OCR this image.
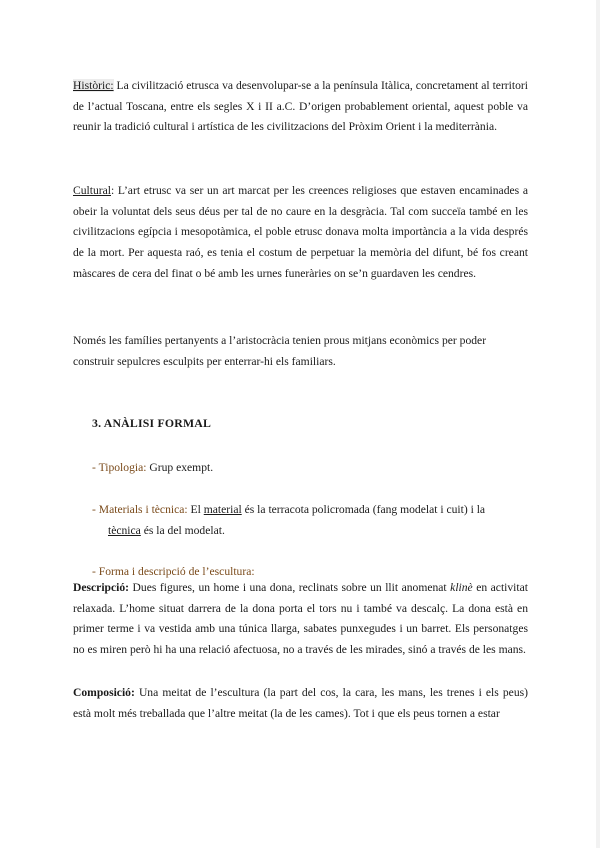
Històric: La civilització etrusca va desenvolupar-se a la península Itàlica, concretament al territori de l’actual Toscana, entre els segles X i II a.C. D’origen probablement oriental, aquest poble va reunir la tradició cultural i artística de les civilitzacions del Pròxim Orient i la mediterrània.

Cultural: L’art etrusc va ser un art marcat per les creences religioses que estaven encaminades a obeir la voluntat dels seus déus per tal de no caure en la desgràcia. Tal com succeïa també en les civilitzacions egípcia i mesopotàmica, el poble etrusc donava molta importància a la vida després de la mort. Per aquesta raó, es tenia el costum de perpetuar la memòria del difunt, bé fos creant màscares de cera del finat o bé amb les urnes funeràries on se’n guardaven les cendres.

Només les famílies pertanyents a l’aristocràcia tenien prous mitjans econòmics per poder construir sepulcres esculpits per enterrar-hi els familiars.

3. ANÀLISI FORMAL

- Tipologia: Grup exempt.

- Materials i tècnica: El material és la terracota policromada (fang modelat i cuit) i la
tècnica és la del modelat.

- Forma i descripció de l’escultura:

Descripció: Dues figures, un home i una dona, reclinats sobre un llit anomenat klinè en activitat relaxada. L’home situat darrera de la dona porta el tors nu i també va descalç. La dona està en primer terme i va vestida amb una túnica llarga, sabates punxegudes i un barret. Els personatges no es miren però hi ha una relació afectuosa, no a través de les mirades, sinó a través de les mans.

Composició: Una meitat de l’escultura (la part del cos, la cara, les mans, les trenes i els peus) està molt més treballada que l’altre meitat (la de les cames). Tot i que els peus tornen a estar
